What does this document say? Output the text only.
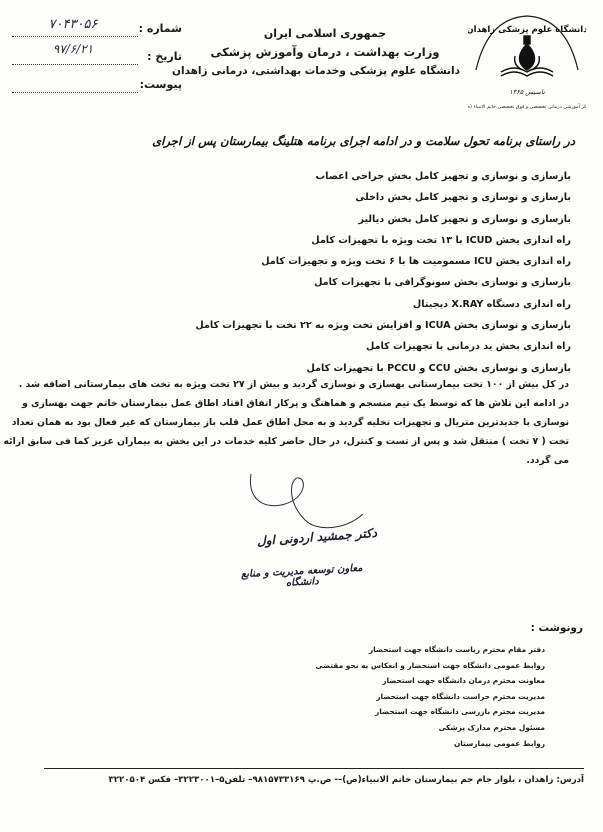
دانشگاه علوم پزشکی زاهدان
تاسیس ۱۳۶۵
مرکز آموزشی درمانی تخصصی و فوق تخصصی خاتم الانبیاء (ص)
جمهوری اسلامی ایران
وزارت بهداشت ، درمان وآموزش پزشکی
دانشگاه علوم پزشکی وخدمات بهداشتی، درمانی زاهدان
شماره :
۷۰۴۳۰۵۶
تاریخ :
۹۷/۶/۲۱
پیوست:
در راستای برنامه تحول سلامت و در ادامه اجرای برنامه هتلینگ بیمارستان پس از اجرای
بازسازی و نوسازی و تجهیز کامل بخش جراحی اعصاب
بازسازی و نوسازی و تجهیز کامل بخش داخلی
بازسازی و نوسازی و تجهیز کامل بخش دیالیز
راه اندازی بخش ICUD با ۱۳ تخت ویژه با تجهیزات کامل
راه اندازی بخش ICU مسمومیت ها با ۶ تخت ویژه و تجهیزات کامل
بازسازی و نوسازی بخش سونوگرافی با تجهیزات کامل
راه اندازی دستگاه X.RAY دیجیتال
بازسازی و نوسازی بخش ICUA و افزایش تخت ویژه به ۲۲ تخت با تجهیزات کامل
راه اندازی بخش ید درمانی با تجهیزات کامل
بازسازی و نوسازی بخش CCU و PCCU با تجهیزات کامل
در کل بیش از ۱۰۰ تخت بیمارستانی بهسازی و نوسازی گردید و بیش از ۲۷ تخت ویژه به تخت های بیمارستانی اضافه شد .
در ادامه این تلاش ها که توسط یک تیم منسجم و هماهنگ و پرکار اتفاق افتاد اطاق عمل بیمارستان خاتم جهت بهسازی و
نوسازی با جدیدترین متریال و تجهیزات تخلیه گردید و به محل اطاق عمل قلب باز بیمارستان که غیر فعال بود به همان تعداد
تخت ( ۷ تخت ) منتقل شد و پس از تست و کنترل، در حال حاضر کلیه خدمات در این بخش به بیماران عزیز کما فی سابق ارائه
می گردد.
دکتر جمشید اردونی اول
معاون توسعه مدیریت و منابع دانشگاه
رونوشت :
دفتر مقام محترم ریاست دانشگاه جهت استحضار
روابط عمومی دانشگاه جهت استحضار و انعکاس به نحو مقتضی
معاونت محترم درمان دانشگاه جهت استحضار
مدیریت محترم حراست دانشگاه جهت استحضار
مدیریت محترم بازرسی دانشگاه جهت استحضار
مسئول محترم مدارک پزشکی
روابط عمومی بیمارستان
آدرس: زاهدان ، بلوار جام جم بیمارستان خاتم الانبیاء(ص)–- ص.پ ۹۸۱۵۷۳۳۱۶۹– تلفن۵–۳۲۲۳۰۰۱– فکس ۳۲۲۰۵۰۴
